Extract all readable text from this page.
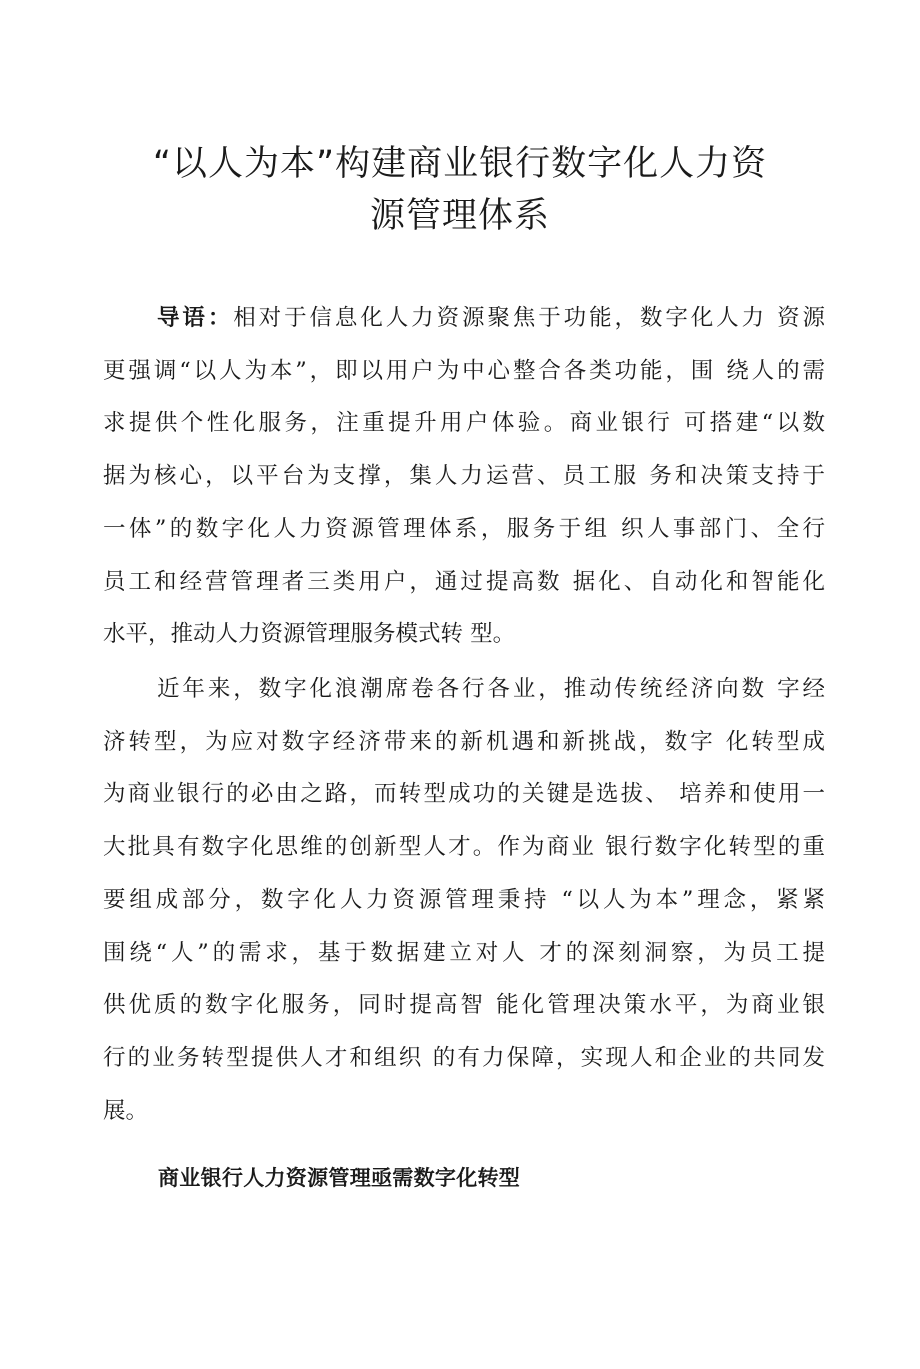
“以人为本”构建商业银行数字化人力资
源管理体系
导语：相对于信息化人力资源聚焦于功能，数字化人力 资源
更强调“以人为本”，即以用户为中心整合各类功能，围 绕人的需
求提供个性化服务，注重提升用户体验。商业银行 可搭建“以数
据为核心，以平台为支撑，集人力运营、员工服 务和决策支持于
一体”的数字化人力资源管理体系，服务于组 织人事部门、全行
员工和经营管理者三类用户，通过提高数 据化、自动化和智能化
水平，推动人力资源管理服务模式转 型。
近年来，数字化浪潮席卷各行各业，推动传统经济向数 字经
济转型，为应对数字经济带来的新机遇和新挑战，数字 化转型成
为商业银行的必由之路，而转型成功的关键是选拔、 培养和使用一
大批具有数字化思维的创新型人才。作为商业 银行数字化转型的重
要组成部分，数字化人力资源管理秉持 “以人为本”理念，紧紧
围绕“人”的需求，基于数据建立对人 才的深刻洞察，为员工提
供优质的数字化服务，同时提高智 能化管理决策水平，为商业银
行的业务转型提供人才和组织 的有力保障，实现人和企业的共同发
展。
商业银行人力资源管理亟需数字化转型
